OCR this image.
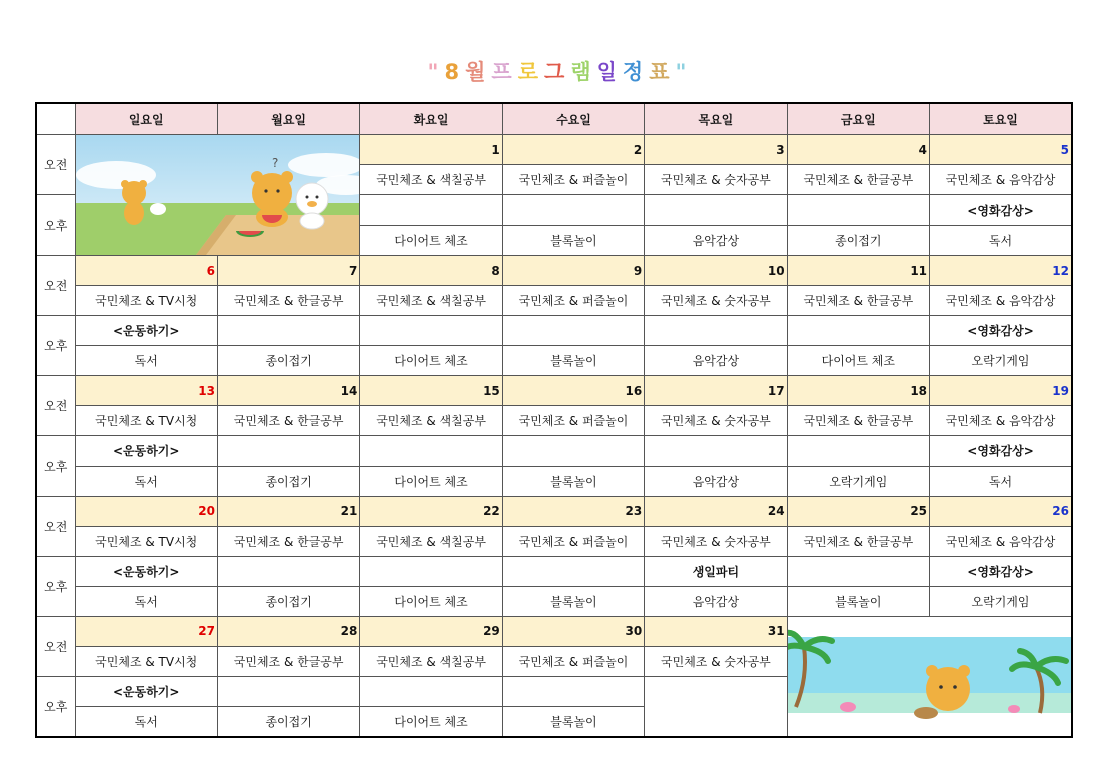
"8월프로그램일정표"
	일요일	월요일	화요일	수요일	목요일	금요일	토요일
오전	?		1	2	3	4	5
			국민체조 & 색칠공부	국민체조 & 퍼즐놀이	국민체조 & 숫자공부	국민체조 & 한글공부	국민체조 & 음악감상
오후							<영화감상>
			다이어트 체조	블록놀이	음악감상	종이접기	독서
오전	6	7	8	9	10	11	12
	국민체조 & TV시청	국민체조 & 한글공부	국민체조 & 색칠공부	국민체조 & 퍼즐놀이	국민체조 & 숫자공부	국민체조 & 한글공부	국민체조 & 음악감상
오후	<운동하기>						<영화감상>
	독서	종이접기	다이어트 체조	블록놀이	음악감상	다이어트 체조	오락기게임
오전	13	14	15	16	17	18	19
	국민체조 & TV시청	국민체조 & 한글공부	국민체조 & 색칠공부	국민체조 & 퍼즐놀이	국민체조 & 숫자공부	국민체조 & 한글공부	국민체조 & 음악감상
오후	<운동하기>						<영화감상>
	독서	종이접기	다이어트 체조	블록놀이	음악감상	오락기게임	독서
오전	20	21	22	23	24	25	26
	국민체조 & TV시청	국민체조 & 한글공부	국민체조 & 색칠공부	국민체조 & 퍼즐놀이	국민체조 & 숫자공부	국민체조 & 한글공부	국민체조 & 음악감상
오후	<운동하기>				생일파티		<영화감상>
	독서	종이접기	다이어트 체조	블록놀이	음악감상	블록놀이	오락기게임
오전	27	28	29	30	31	

	국민체조 & TV시청	국민체조 & 한글공부	국민체조 & 색칠공부	국민체조 & 퍼즐놀이	국민체조 & 숫자공부		
오후	<운동하기>						
	독서	종이접기	다이어트 체조	블록놀이			
